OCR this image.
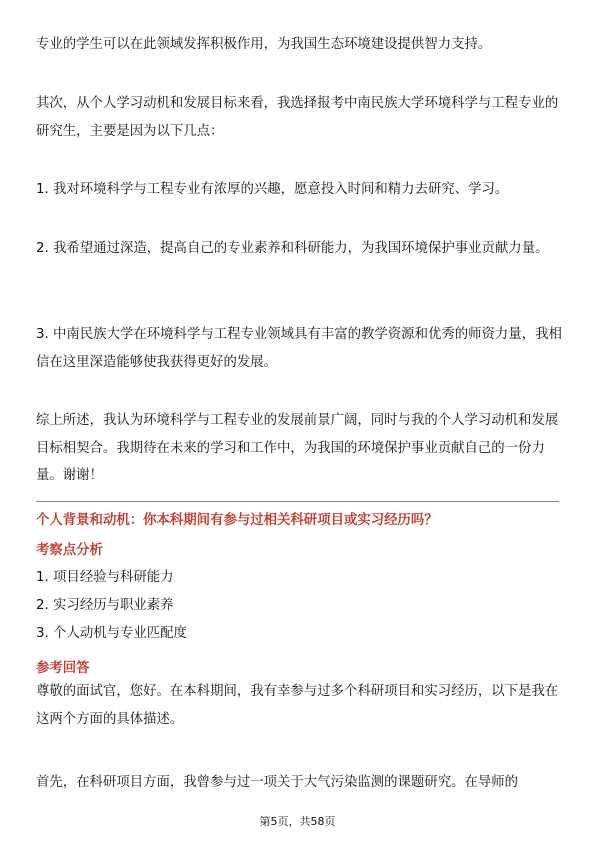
专业的学生可以在此领域发挥积极作用，为我国生态环境建设提供智力支持。

其次，从个人学习动机和发展目标来看，我选择报考中南民族大学环境科学与工程专业的研究生，主要是因为以下几点：

1. 我对环境科学与工程专业有浓厚的兴趣，愿意投入时间和精力去研究、学习。

2. 我希望通过深造，提高自己的专业素养和科研能力，为我国环境保护事业贡献力量。

3. 中南民族大学在环境科学与工程专业领域具有丰富的教学资源和优秀的师资力量，我相信在这里深造能够使我获得更好的发展。

综上所述，我认为环境科学与工程专业的发展前景广阔，同时与我的个人学习动机和发展目标相契合。我期待在未来的学习和工作中，为我国的环境保护事业贡献自己的一份力量。谢谢！

个人背景和动机：你本科期间有参与过相关科研项目或实习经历吗？

考察点分析

1. 项目经验与科研能力

2. 实习经历与职业素养

3. 个人动机与专业匹配度

参考回答

尊敬的面试官，您好。在本科期间，我有幸参与过多个科研项目和实习经历，以下是我在这两个方面的具体描述。

首先，在科研项目方面，我曾参与过一项关于大气污染监测的课题研究。在导师的

第5页，共58页
